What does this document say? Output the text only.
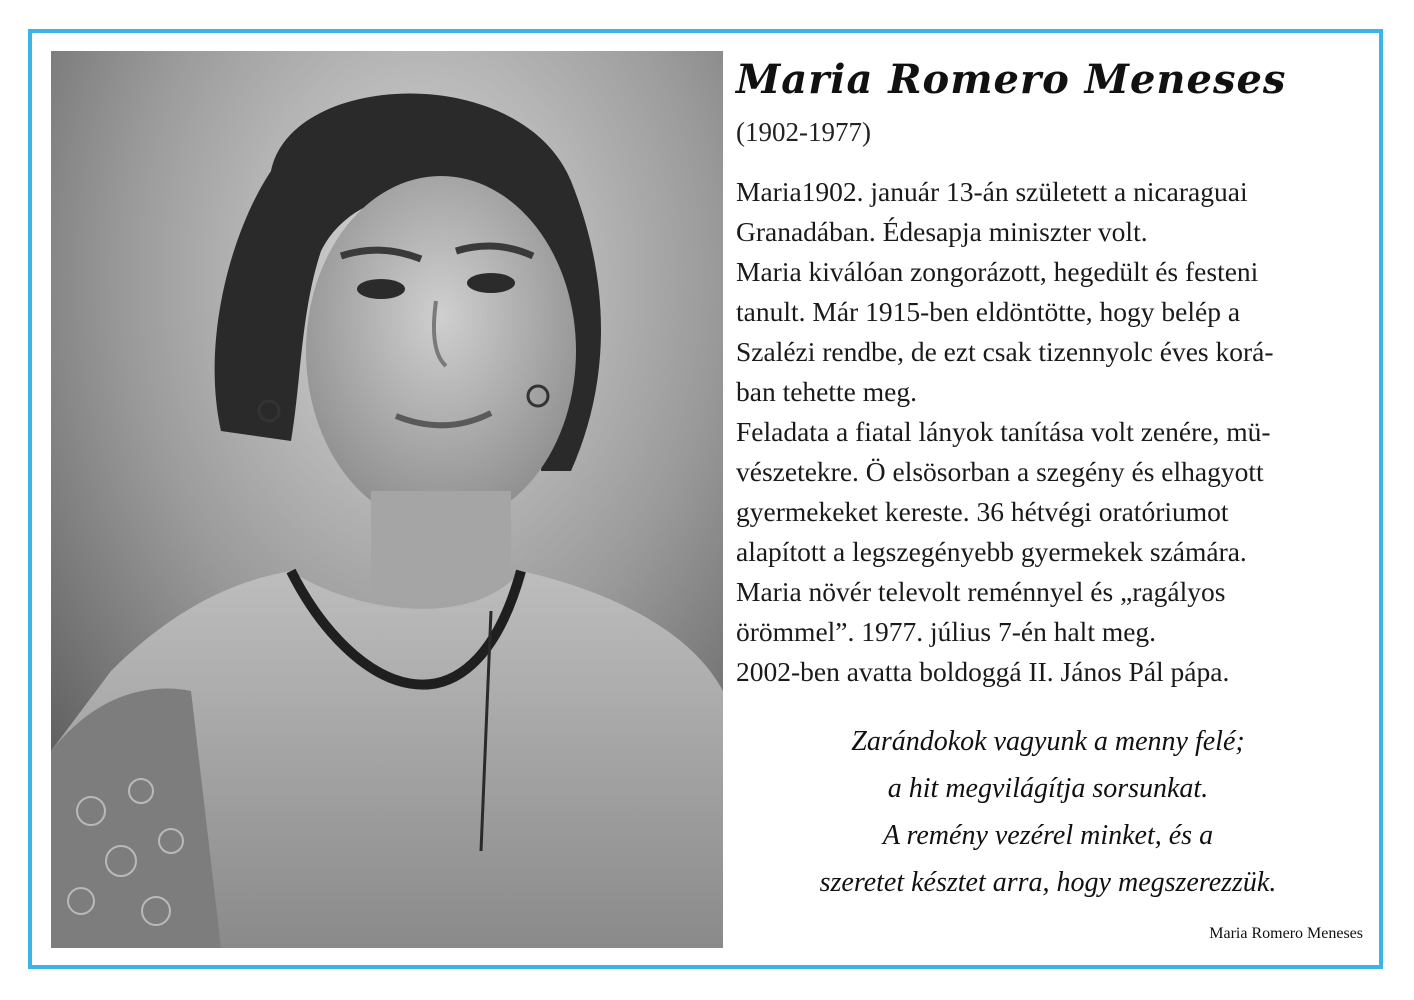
Maria Romero Meneses
(1902-1977)
Maria1902. január 13-án született a nicaraguai
Granadában. Édesapja miniszter volt.
Maria kiválóan zongorázott, hegedült és festeni
tanult. Már 1915-ben eldöntötte, hogy belép a
Szalézi rendbe, de ezt csak tizennyolc éves korá-
ban tehette meg.
Feladata a fiatal lányok tanítása volt zenére, mü-
vészetekre. Ö elsösorban a szegény és elhagyott
gyermekeket kereste. 36 hétvégi oratóriumot
alapított a legszegényebb gyermekek számára.
Maria növér televolt reménnyel és „ragályos
örömmel”. 1977. július 7-én halt meg.
2002-ben avatta boldoggá II. János Pál pápa.
Zarándokok vagyunk a menny felé;
a hit megvilágítja sorsunkat.
A remény vezérel minket, és a
szeretet késztet arra, hogy megszerezzük.
Maria Romero Meneses
